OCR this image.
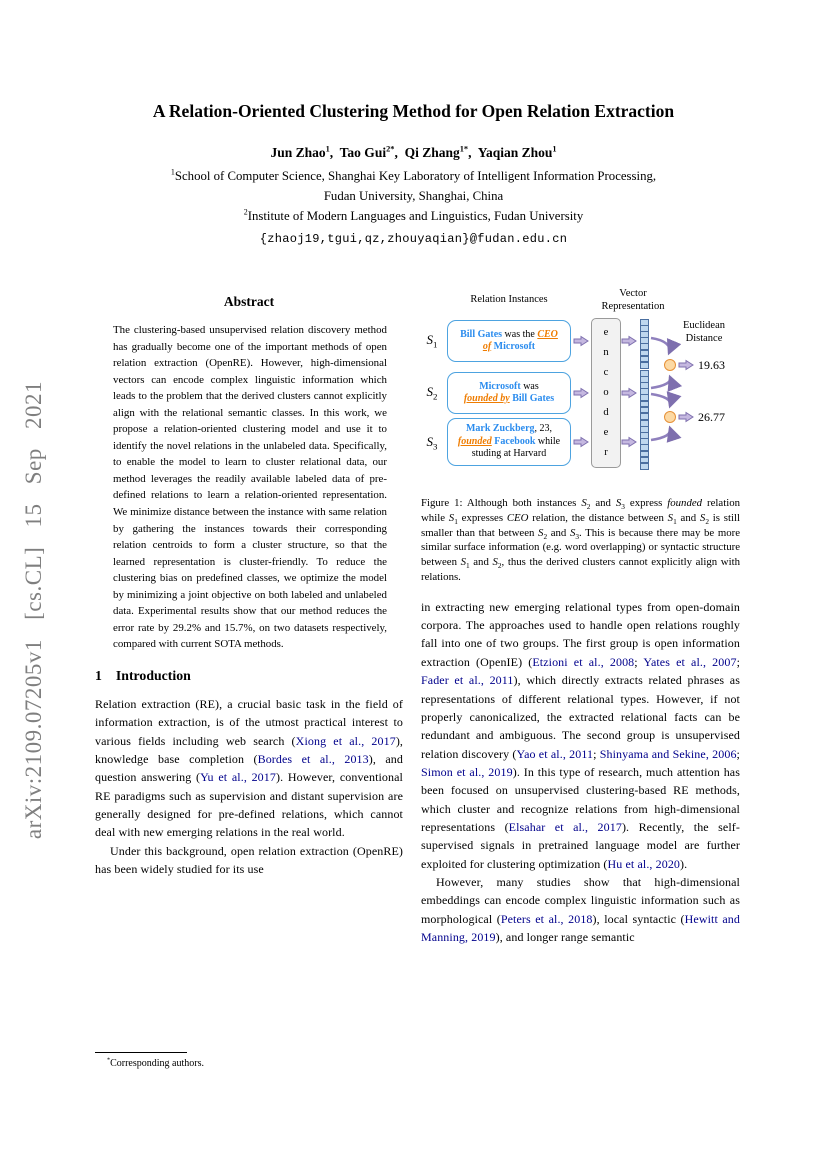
arXiv:2109.07205v1 [cs.CL] 15 Sep 2021
A Relation-Oriented Clustering Method for Open Relation Extraction
Jun Zhao$^1$,  Tao Gui$^{2*}$,  Qi Zhang$^{1*}$,  Yaqian Zhou$^1$
$^1$School of Computer Science, Shanghai Key Laboratory of Intelligent Information Processing,
Fudan University, Shanghai, China
$^2$Institute of Modern Languages and Linguistics, Fudan University
{zhaoj19,tgui,qz,zhouyaqian}@fudan.edu.cn
Abstract
The clustering-based unsupervised relation discovery method has gradually become one of the important methods of open relation extraction (OpenRE). However, high-dimensional vectors can encode complex linguistic information which leads to the problem that the derived clusters cannot explicitly align with the relational semantic classes. In this work, we propose a relation-oriented clustering model and use it to identify the novel relations in the unlabeled data. Specifically, to enable the model to learn to cluster relational data, our method leverages the readily available labeled data of pre-defined relations to learn a relation-oriented representation. We minimize distance between the instance with same relation by gathering the instances towards their corresponding relation centroids to form a cluster structure, so that the learned representation is cluster-friendly. To reduce the clustering bias on predefined classes, we optimize the model by minimizing a joint objective on both labeled and unlabeled data. Experimental results show that our method reduces the error rate by 29.2% and 15.7%, on two datasets respectively, compared with current SOTA methods.
1 Introduction

Relation extraction (RE), a crucial basic task in the field of information extraction, is of the utmost practical interest to various fields including web search (Xiong et al., 2017), knowledge base completion (Bordes et al., 2013), and question answering (Yu et al., 2017). However, conventional RE paradigms such as supervision and distant supervision are generally designed for pre-defined relations, which cannot deal with new emerging relations in the real world.

Under this background, open relation extraction (OpenRE) has been widely studied for its use

*Corresponding authors.
Relation Instances
Vector
Representation
Euclidean
Distance
$S_1$
$S_2$
$S_3$
Bill Gates was the CEO
of Microsoft
Microsoft was
founded by Bill Gates
Mark Zuckberg, 23,
founded Facebook while
studing at Harvard
e
n
c
o
d
e
r
19.63
26.77
Figure 1: Although both instances $S_2$ and $S_3$ express founded relation while $S_1$ expresses CEO relation, the distance between $S_1$ and $S_2$ is still smaller than that between $S_2$ and $S_3$. This is because there may be more similar surface information (e.g. word overlapping) or syntactic structure between $S_1$ and $S_2$, thus the derived clusters cannot explicitly align with relations.

in extracting new emerging relational types from open-domain corpora. The approaches used to handle open relations roughly fall into one of two groups. The first group is open information extraction (OpenIE) (Etzioni et al., 2008; Yates et al., 2007; Fader et al., 2011), which directly extracts related phrases as representations of different relational types. However, if not properly canonicalized, the extracted relational facts can be redundant and ambiguous. The second group is unsupervised relation discovery (Yao et al., 2011; Shinyama and Sekine, 2006; Simon et al., 2019). In this type of research, much attention has been focused on unsupervised clustering-based RE methods, which cluster and recognize relations from high-dimensional representations (Elsahar et al., 2017). Recently, the self-supervised signals in pretrained language model are further exploited for clustering optimization (Hu et al., 2020).

However, many studies show that high-dimensional embeddings can encode complex linguistic information such as morphological (Peters et al., 2018), local syntactic (Hewitt and Manning, 2019), and longer range semantic
